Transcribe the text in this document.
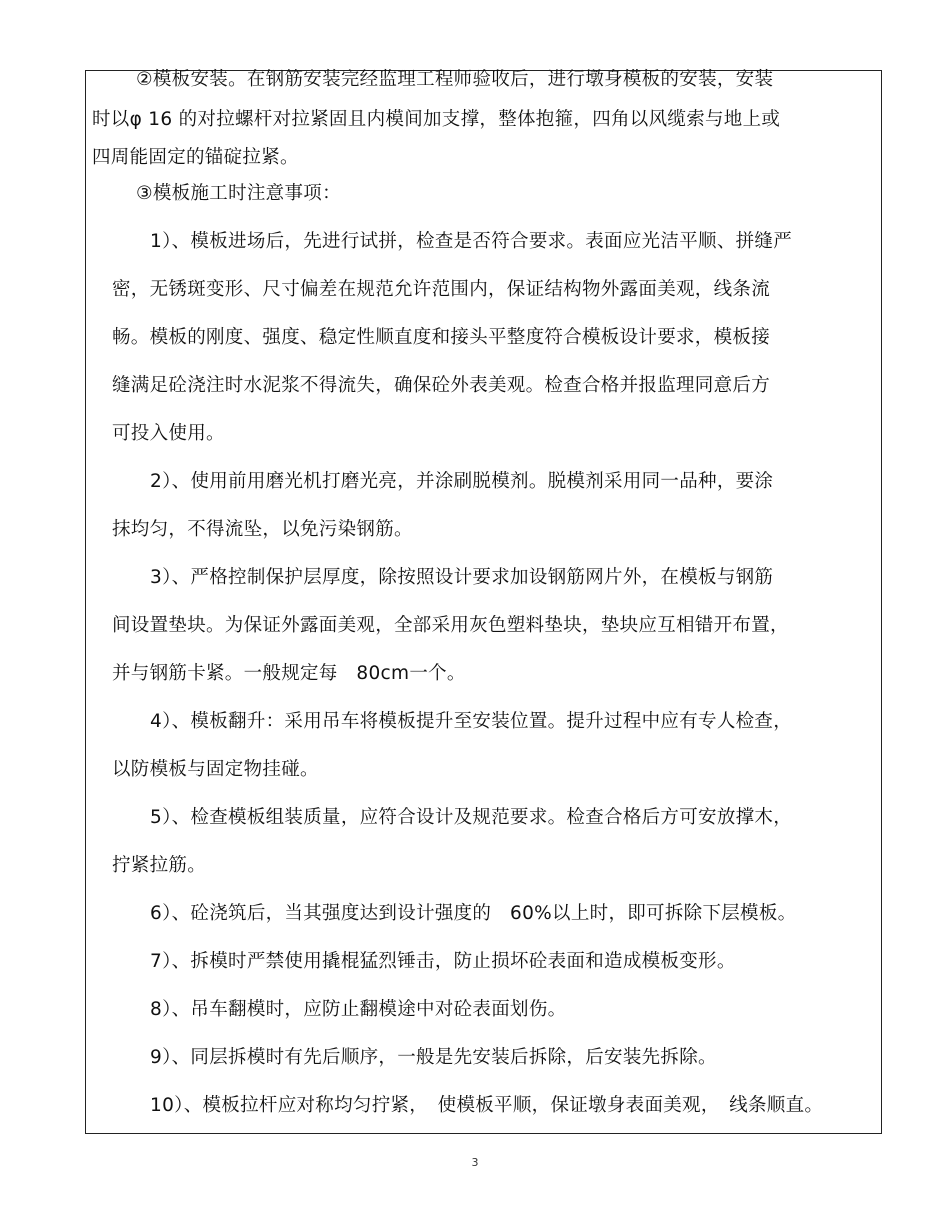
②模板安装。在钢筋安装完经监理工程师验收后，进行墩身模板的安装，安装
时以φ 16 的对拉螺杆对拉紧固且内模间加支撑，整体抱箍，四角以风缆索与地上或
四周能固定的锚碇拉紧。
③模板施工时注意事项：
1）、模板进场后，先进行试拼，检查是否符合要求。表面应光洁平顺、拼缝严
密，无锈斑变形、尺寸偏差在规范允许范围内，保证结构物外露面美观，线条流
畅。模板的刚度、强度、稳定性顺直度和接头平整度符合模板设计要求，模板接
缝满足砼浇注时水泥浆不得流失，确保砼外表美观。检查合格并报监理同意后方
可投入使用。
2）、使用前用磨光机打磨光亮，并涂刷脱模剂。脱模剂采用同一品种，要涂
抹均匀，不得流坠，以免污染钢筋。
3）、严格控制保护层厚度，除按照设计要求加设钢筋网片外，在模板与钢筋
间设置垫块。为保证外露面美观，全部采用灰色塑料垫块，垫块应互相错开布置，
并与钢筋卡紧。一般规定每　80cm一个。
4）、模板翻升：采用吊车将模板提升至安装位置。提升过程中应有专人检查，
以防模板与固定物挂碰。
5）、检查模板组装质量，应符合设计及规范要求。检查合格后方可安放撑木，
拧紧拉筋。
6）、砼浇筑后，当其强度达到设计强度的　60%以上时，即可拆除下层模板。
7）、拆模时严禁使用撬棍猛烈锤击，防止损坏砼表面和造成模板变形。
8）、吊车翻模时，应防止翻模途中对砼表面划伤。
9）、同层拆模时有先后顺序，一般是先安装后拆除，后安装先拆除。
10）、模板拉杆应对称均匀拧紧，　使模板平顺，保证墩身表面美观，　线条顺直。
3
